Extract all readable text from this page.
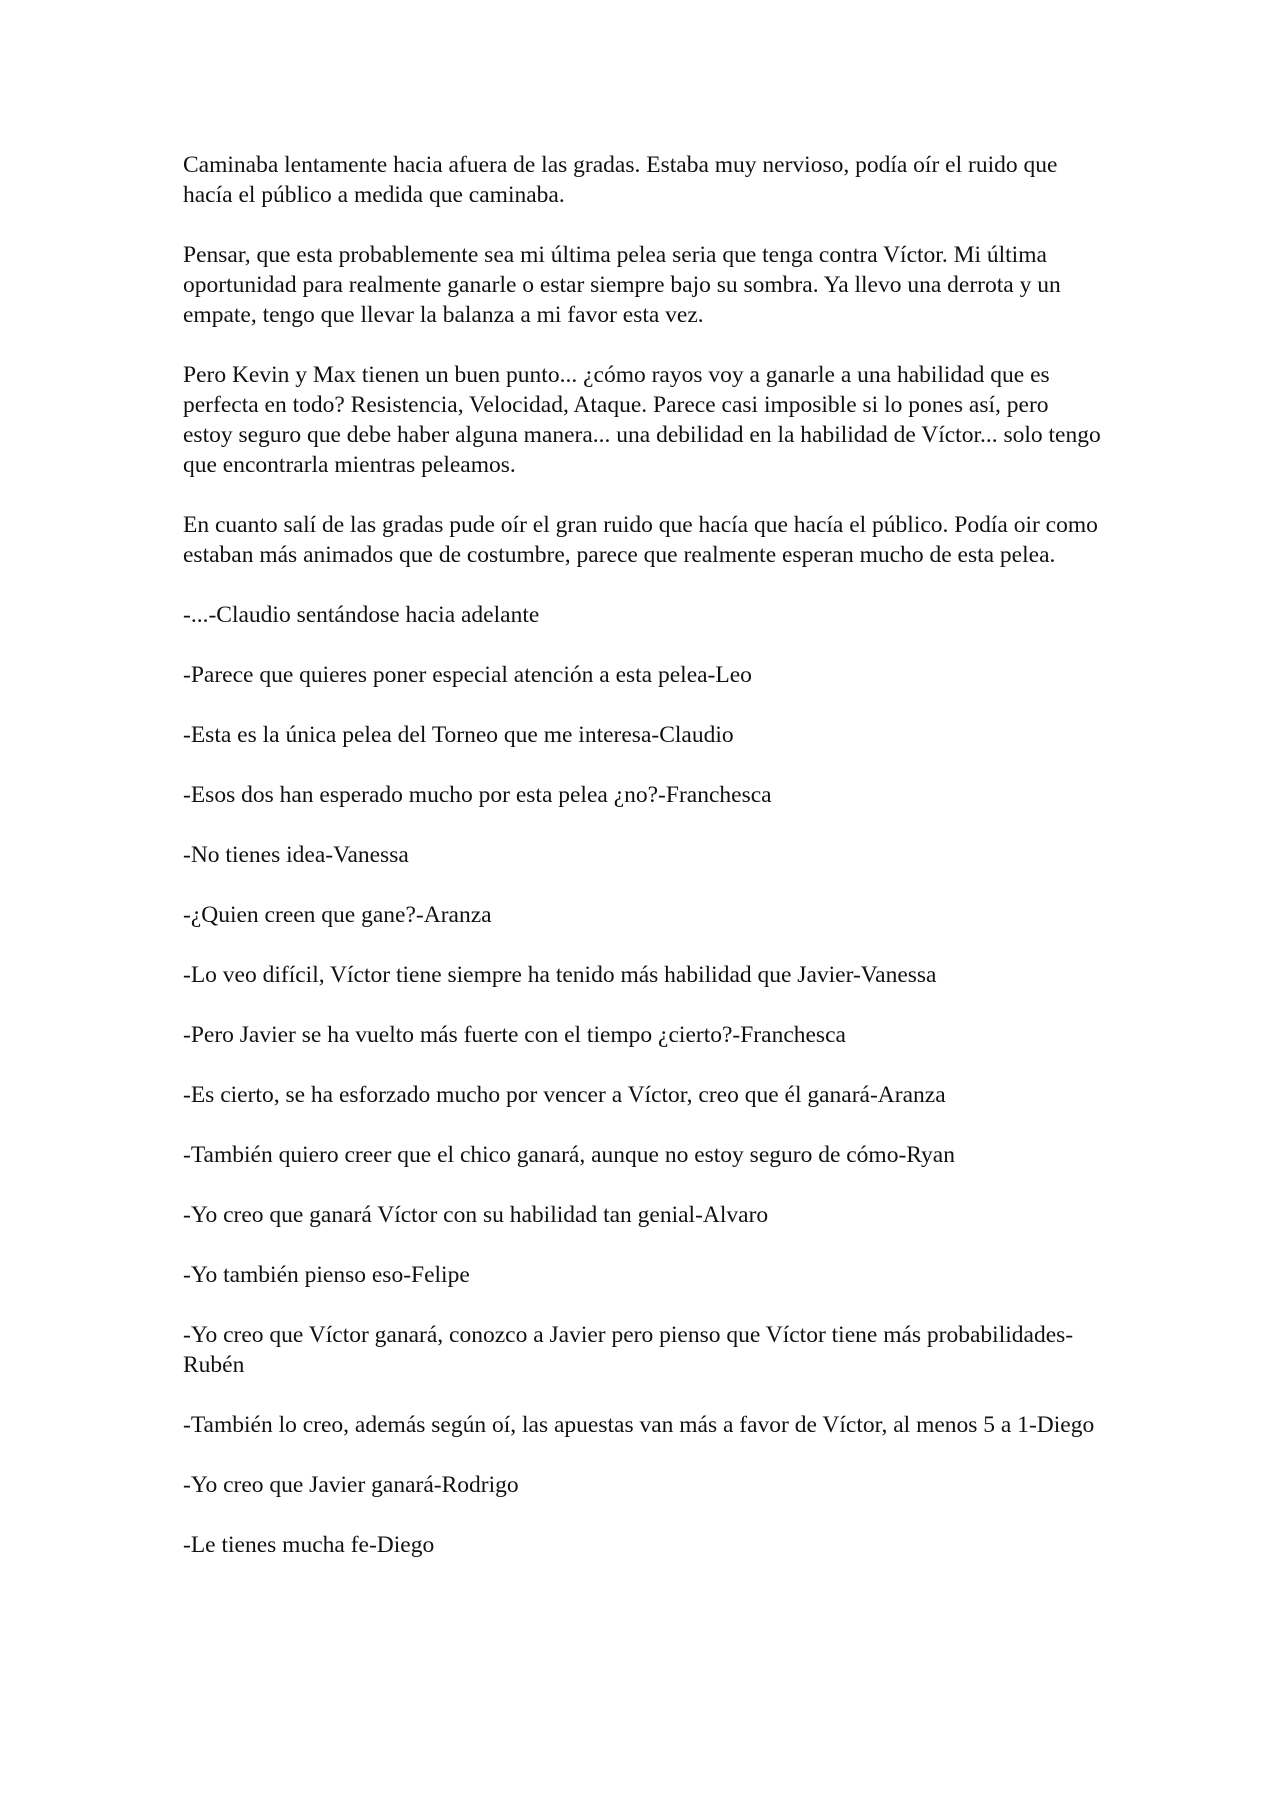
Caminaba lentamente hacia afuera de las gradas. Estaba muy nervioso, podía oír el ruido que hacía el público a medida que caminaba.

Pensar, que esta probablemente sea mi última pelea seria que tenga contra Víctor. Mi última oportunidad para realmente ganarle o estar siempre bajo su sombra. Ya llevo una derrota y un empate, tengo que llevar la balanza a mi favor esta vez.

Pero Kevin y Max tienen un buen punto... ¿cómo rayos voy a ganarle a una habilidad que es perfecta en todo? Resistencia, Velocidad, Ataque. Parece casi imposible si lo pones así, pero estoy seguro que debe haber alguna manera... una debilidad en la habilidad de Víctor... solo tengo que encontrarla mientras peleamos.

En cuanto salí de las gradas pude oír el gran ruido que hacía que hacía el público. Podía oir como estaban más animados que de costumbre, parece que realmente esperan mucho de esta pelea.

-...-Claudio sentándose hacia adelante

-Parece que quieres poner especial atención a esta pelea-Leo

-Esta es la única pelea del Torneo que me interesa-Claudio

-Esos dos han esperado mucho por esta pelea ¿no?-Franchesca

-No tienes idea-Vanessa

-¿Quien creen que gane?-Aranza

-Lo veo difícil, Víctor tiene siempre ha tenido más habilidad que Javier-Vanessa

-Pero Javier se ha vuelto más fuerte con el tiempo ¿cierto?-Franchesca

-Es cierto, se ha esforzado mucho por vencer a Víctor, creo que él ganará-Aranza

-También quiero creer que el chico ganará, aunque no estoy seguro de cómo-Ryan

-Yo creo que ganará Víctor con su habilidad tan genial-Alvaro

-Yo también pienso eso-Felipe

-Yo creo que Víctor ganará, conozco a Javier pero pienso que Víctor tiene más probabilidades-Rubén

-También lo creo, además según oí, las apuestas van más a favor de Víctor, al menos 5 a 1-Diego

-Yo creo que Javier ganará-Rodrigo

-Le tienes mucha fe-Diego
